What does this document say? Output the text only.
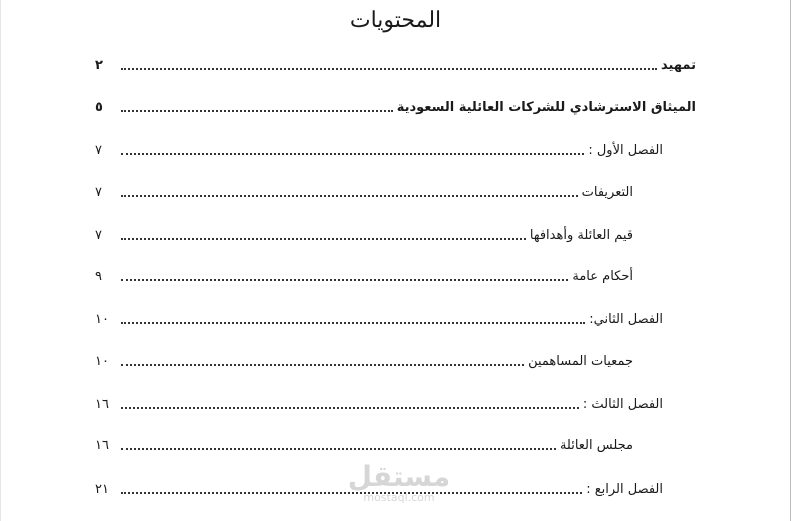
المحتويات
تمهيد
٢
الميثاق الاسترشادي للشركات العائلية السعودية
٥
الفصل الأول :
٧
التعريفات
٧
قيم العائلة وأهدافها
٧
أحكام عامة
٩
الفصل الثاني:
١٠
جمعيات المساهمين
١٠
الفصل الثالث :
١٦
مجلس العائلة
١٦
الفصل الرابع :
٢١	مستقل
mostaql.com
